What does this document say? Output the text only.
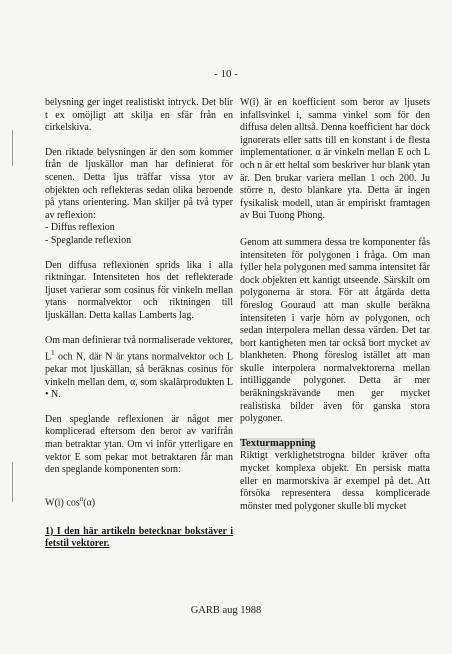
- 10 -

belysning ger inget realistiskt intryck. Det blir t ex omöjligt att skilja en sfär från en cirkelskiva.

Den riktade belysningen är den som kommer från de ljuskällor man har definierat för scenen. Detta ljus träffar vissa ytor av objekten och reflekteras sedan olika beroende på ytans orientering. Man skiljer på två typer av reflexion:

- Diffus reflexion
- Speglande reflexion

Den diffusa reflexionen sprids lika i alla riktningar. Intensiteten hos det reflekterade ljuset varierar som cosinus för vinkeln mellan ytans normalvektor och riktningen till ljuskällan. Detta kallas Lamberts lag.

Om man definierar två normaliserade vektorer, $L^1$ och N, där N är ytans normalvektor och L pekar mot ljuskällan, så beräknas cosinus för vinkeln mellan dem, α, som skalärprodukten L • N.

Den speglande reflexionen är något mer komplicerad eftersom den beror av varifrån man betraktar ytan. Om vi inför ytterligare en vektor E som pekar mot betraktaren får man den speglande komponenten som:

W(i) $\cos^n(\alpha)$

1) I den här artikeln betecknar bokstäver i fetstil vektorer.

W(i) är en koefficient som beror av ljusets infallsvinkel i, samma vinkel som för den diffusa delen alltså. Denna koefficient har dock ignorerats eller satts till en konstant i de flesta implementationer. α är vinkeln mellan E och L och n är ett heltal som beskriver hur blank ytan är. Den brukar variera mellan 1 och 200. Ju större n, desto blankare yta. Detta är ingen fysikalisk modell, utan är empiriskt framtagen av Bui Tuong Phong.

Genom att summera dessa tre komponenter fås intensiteten för polygonen i fråga. Om man fyller hela polygonen med samma intensitet får dock objekten ett kantigt utseende. Särskilt om polygonerna är stora. För att åtgärda detta föreslog Gouraud att man skulle beräkna intensiteten i varje hörn av polygonen, och sedan interpolera mellan dessa värden. Det tar bort kantigheten men tar också bort mycket av blankheten. Phong föreslog istället att man skulle interpolera normalvektorerna mellan intilliggande polygoner. Detta är mer beräkningskrävande men ger mycket realistiska bilder även för ganska stora polygoner.

Texturmappning

Riktigt verklighetstrogna bilder kräver ofta mycket komplexa objekt. En persisk matta eller en marmorskiva är exempel på det. Att försöka representera dessa komplicerade mönster med polygoner skulle bli mycket

GARB aug 1988
